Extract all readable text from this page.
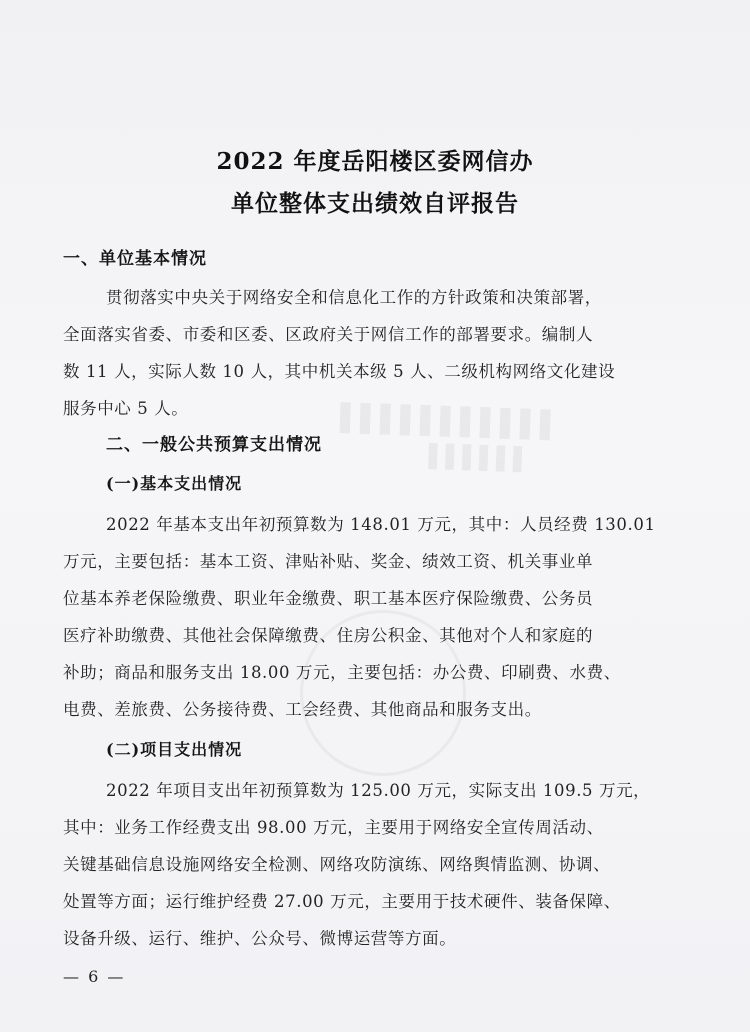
▌▌▌▌▌▌▌▌▌▌▌
▌▌▌▌▌▌
2022 年度岳阳楼区委网信办
单位整体支出绩效自评报告
一、单位基本情况
贯彻落实中央关于网络安全和信息化工作的方针政策和决策部署，
全面落实省委、市委和区委、区政府关于网信工作的部署要求。编制人
数 11 人，实际人数 10 人，其中机关本级 5 人、二级机构网络文化建设
服务中心 5 人。
二、一般公共预算支出情况
(一)基本支出情况
2022 年基本支出年初预算数为 148.01 万元，其中：人员经费 130.01
万元，主要包括：基本工资、津贴补贴、奖金、绩效工资、机关事业单
位基本养老保险缴费、职业年金缴费、职工基本医疗保险缴费、公务员
医疗补助缴费、其他社会保障缴费、住房公积金、其他对个人和家庭的
补助；商品和服务支出 18.00 万元，主要包括：办公费、印刷费、水费、
电费、差旅费、公务接待费、工会经费、其他商品和服务支出。
(二)项目支出情况
2022 年项目支出年初预算数为 125.00 万元，实际支出 109.5 万元，
其中：业务工作经费支出 98.00 万元，主要用于网络安全宣传周活动、
关键基础信息设施网络安全检测、网络攻防演练、网络舆情监测、协调、
处置等方面；运行维护经费 27.00 万元，主要用于技术硬件、装备保障、
设备升级、运行、维护、公众号、微博运营等方面。
— 6 —
